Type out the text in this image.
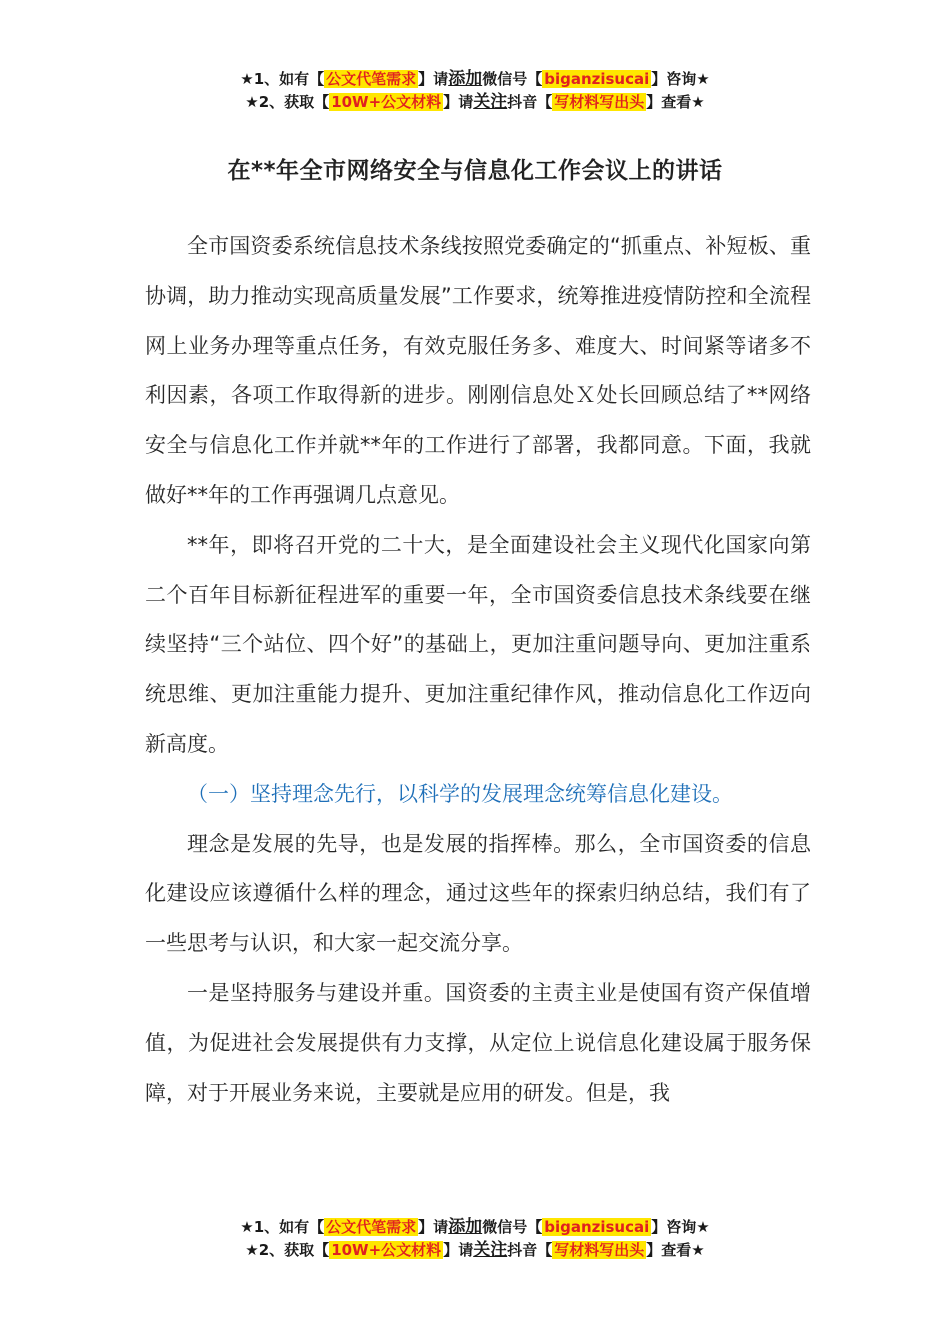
★1、如有【 公文代笔需求 】请添加微信号【 biganzisucai 】咨询★
★2、获取【 10W+公文材料 】请关注抖音【 写材料写出头 】查看★
在**年全市网络安全与信息化工作会议上的讲话

全市国资委系统信息技术条线按照党委确定的“抓重点、补短板、重协调，助力推动实现高质量发展”工作要求，统筹推进疫情防控和全流程网上业务办理等重点任务，有效克服任务多、难度大、时间紧等诸多不利因素，各项工作取得新的进步。刚刚信息处Ｘ处长回顾总结了**网络安全与信息化工作并就**年的工作进行了部署，我都同意。下面，我就做好**年的工作再强调几点意见。

**年，即将召开党的二十大，是全面建设社会主义现代化国家向第二个百年目标新征程进军的重要一年，全市国资委信息技术条线要在继续坚持“三个站位、四个好”的基础上，更加注重问题导向、更加注重系统思维、更加注重能力提升、更加注重纪律作风，推动信息化工作迈向新高度。

（一）坚持理念先行，以科学的发展理念统筹信息化建设。

理念是发展的先导，也是发展的指挥棒。那么，全市国资委的信息化建设应该遵循什么样的理念，通过这些年的探索归纳总结，我们有了一些思考与认识，和大家一起交流分享。

一是坚持服务与建设并重。国资委的主责主业是使国有资产保值增值，为促进社会发展提供有力支撑，从定位上说信息化建设属于服务保障，对于开展业务来说，主要就是应用的研发。但是，我

★1、如有【 公文代笔需求 】请添加微信号【 biganzisucai 】咨询★
★2、获取【 10W+公文材料 】请关注抖音【 写材料写出头 】查看★
